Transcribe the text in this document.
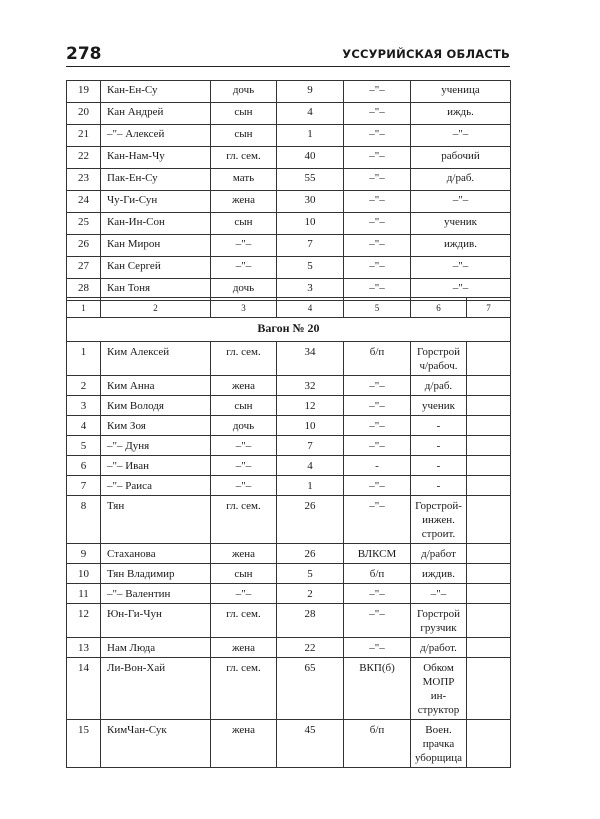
278	УССУРИЙСКАЯ ОБЛАСТЬ
19	Кан-Ен-Су	дочь	9	–"–	ученица
20	Кан Андрей	сын	4	–"–	иждь.
21	–"– Алексей	сын	1	–"–	–"–
22	Кан-Нам-Чу	гл. сем.	40	–"–	рабочий
23	Пак-Ен-Су	мать	55	–"–	д/раб.
24	Чу-Ги-Сун	жена	30	–"–	–"–
25	Кан-Ин-Сон	сын	10	–"–	ученик
26	Кан Мирон	–"–	7	–"–	иждив.
27	Кан Сергей	–"–	5	–"–	–"–
28	Кан Тоня	дочь	3	–"–	–"–
1	2	3	4	5	6	7
Вагон № 20						
1	Ким Алексей	гл. сем.	34	б/п	Горстрой ч/рабоч.	
2	Ким Анна	жена	32	–"–	д/раб.	
3	Ким Володя	сын	12	–"–	ученик	
4	Ким Зоя	дочь	10	–"–	-	
5	–"– Дуня	–"–	7	–"–	-	
6	–"– Иван	–"–	4	-	-	
7	–"– Раиса	–"–	1	–"–	-	
8	Тян	гл. сем.	26	–"–	Горстрой- инжен. строит.	
9	Стаханова	жена	26	ВЛКСМ	д/работ	
10	Тян Владимир	сын	5	б/п	иждив.	
11	–"– Валентин	–"–	2	–"–	–"–	
12	Юн-Ги-Чун	гл. сем.	28	–"–	Горстрой грузчик	
13	Нам Люда	жена	22	–"–	д/работ.	
14	Ли-Вон-Хай	гл. сем.	65	ВКП(б)	Обком МОПР ин- структор	
15	КимЧан-Сук	жена	45	б/п	Воен. прачка уборщица	
